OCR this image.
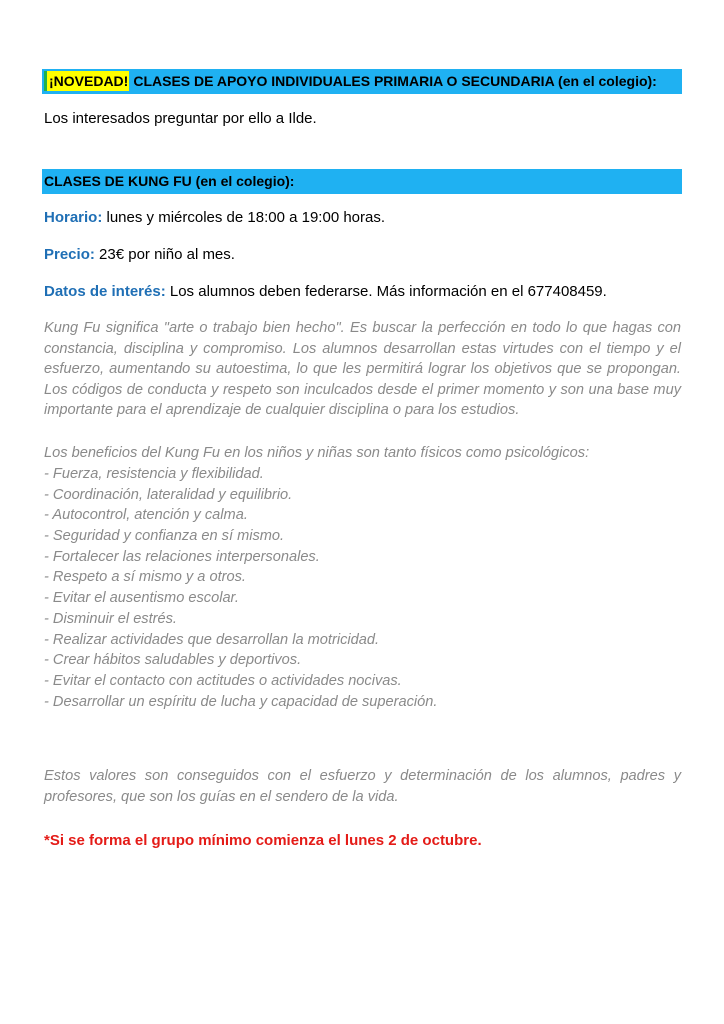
¡NOVEDAD! CLASES DE APOYO INDIVIDUALES PRIMARIA O SECUNDARIA (en el colegio):
Los interesados preguntar por ello a Ilde.
CLASES DE KUNG FU (en el colegio):
Horario: lunes y miércoles de 18:00 a 19:00 horas.
Precio: 23€ por niño al mes.
Datos de interés: Los alumnos deben federarse. Más información en el 677408459.
Kung Fu significa "arte o trabajo bien hecho". Es buscar la perfección en todo lo que hagas con constancia, disciplina y compromiso. Los alumnos desarrollan estas virtudes con el tiempo y el esfuerzo, aumentando su autoestima, lo que les permitirá lograr los objetivos que se propongan. Los códigos de conducta y respeto son inculcados desde el primer momento y son una base muy importante para el aprendizaje de cualquier disciplina o para los estudios.
Los beneficios del Kung Fu en los niños y niñas son tanto físicos como psicológicos:
- Fuerza, resistencia y flexibilidad.
- Coordinación, lateralidad y equilibrio.
- Autocontrol, atención y calma.
- Seguridad y confianza en sí mismo.
- Fortalecer las relaciones interpersonales.
- Respeto a sí mismo y a otros.
- Evitar el ausentismo escolar.
- Disminuir el estrés.
- Realizar actividades que desarrollan la motricidad.
- Crear hábitos saludables y deportivos.
- Evitar el contacto con actitudes o actividades nocivas.
- Desarrollar un espíritu de lucha y capacidad de superación.
Estos valores son conseguidos con el esfuerzo y determinación de los alumnos, padres y profesores, que son los guías en el sendero de la vida.
*Si se forma el grupo mínimo comienza el lunes 2 de octubre.
